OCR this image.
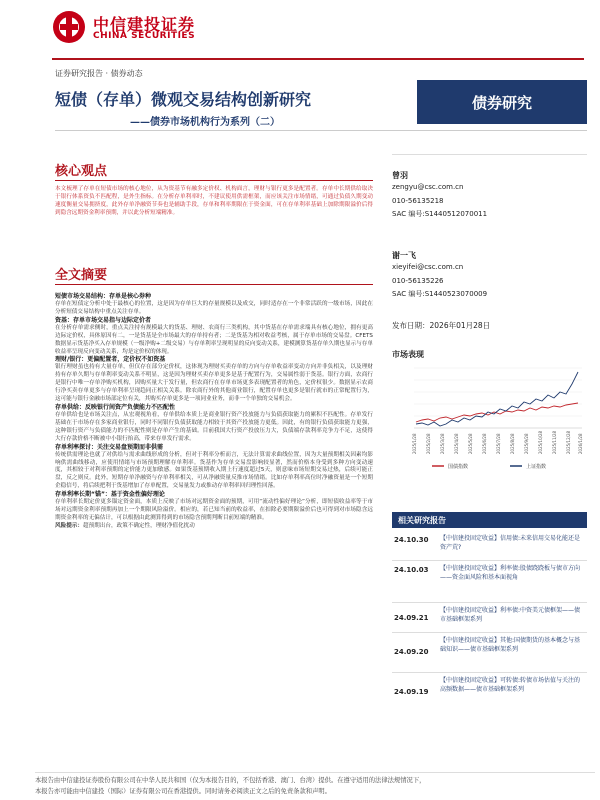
中信建投证券
CHINA SECURITIES
证券研究报告 · 债券动态
短债（存单）微观交易结构创新研究
——债券市场机构行为系列（二）
债券研究
核心观点
本文梳理了存单在短债市场的核心地位，从为资基节有融多定价权、机构面言，理财与银行更多是配置者。存单中长期供给取决于银行体系资负不匹配程，是外生指标。在分析存单利率时，不建议使用供需框架，而应该关注市场情绪，可通过负债久期变动速度衡量交易拥挤度，此外存单净融资节奏也是辅助手段，存单和利率期限在于资金面，可在存单利率基础上加除期限溢价后得到隐含远期资金利率预期，并以此分析短端精准。
全文摘要
短债市场交易结构：存单是核心券种
存单在短债定分析中处于最核心的位置，这是因为存单巨大的存量规模以及成交，同时适存在一个非常活跃的一级市场，因此在分析短债交易结构中重点关注存单。
资基：存单市场交易指与边际定价者
在分析存单需求侧时，重点关注持有规模最大的货基、理财、农商行三类机构，其中货基在存单需求端具有核心地位，拥有更高边际定价权，具体原因有二，一是货基是全市场最大的存单持有者；二是货基为相对收益考核，属于存单市场的交易盘。CFETS数据显示货基净买入存单规模（一级净购+二级交易）与存单利率呈现明显的反向变动关系，建模测算货基存单久期也显示与存单收益率呈现反向变动关系，均是定价权的体现。
理财/银行：更偏配置者，定价权不如资基
银行理财虽也持有大量存单，但仅存在部分定价权，这体现为理财买卖存单的方向与存单收益率变动方向并非负相关，以及理财持有存单久期与存单利率变动关系不明显，这是因为理财买卖存单更多是基于配置行为，交易属性弱于货基。银行方面，农商行是银行中唯一存单净购买机构，因购买量大于发行量，但农商行在存单市场更多表现配置者的角色，定价权很少。数据显示农商行净买卖存单更多与存单利率呈现趋同正相关关系。除农商行外的其他商业银行，配置存单也更多是银行就市的正常配置行为，这可能与银行金融市场部定位有关，其购买存单更多是一项同业业务，而非一个单独的交易机会。
存单供给：反映银行间资产负债能力不匹配性
存单供给也是市场关注点，从宏观视角看，存单供给本质上是商业银行资产投放能力与负债获取能力的累积不匹配性。存单发行基础在于市场存在多家商业银行，同时不同银行负债获取能力相较于其资产投放能力更低。因此，有的银行负债获取能力更强，这种银行资产与负债能力的不匹配性则是存单产生的基础。目前我国大行资产投放压力大，负债端存款利率竞争力不足，这使得大行存款价格不断被中小银行抬高，带来存单发行需求。
存单利率探讨：关注交易盘预期而非供需
传统供需理论也就了对供给与需求曲线形成的分析，但对于利率分析而言，无法计算需求曲线位置，因为大量预期相关因素均影响供需曲线移动，应使用情绪与市场预期理解存单利率。货基作为存单交易盘影响较显著，然而价格本身受到多种方向变动速度，其相较于对利率预期的定价能力更加敏感。如果货基预期收入期上行速度超过5天，则意味市场短期交易过热，后续可能正盘，反之则反。此外，短期存单净融资与存单利率相关，可从净融资量反推市场情绪。比如存单利率高位时净融资量是一个短期企稳信号，将后续把利于货基增加了存单配置，交易量发力或推动存单利率回归理性回落。
存单利率长期“锚”：基于资金性偏好理论
存单利率长期定价更多锚定资金面，本质上反映了市场对远期资金面的预期，可用“流动性偏好理论”分析，即短债收益率等于市场对远期资金利率预期再加上一个期限风险溢价。相应的，若已知当前的收益率，在扣除必要期限溢价后也可得到对市场隐含远期资金利率的无偏估计，可以根据由此测算得到的市场隐含预期判断目前短端的精准。
风险提示：超预期出台，政策不确定性，理财净值化扰动
曾羽
zengyu@csc.com.cn
010-56135218
SAC 编号:S1440512070011
谢一飞
xieyifei@csc.com.cn
010-56135226
SAC 编号:S1440523070009
发布日期：2026年01月28日
市场表现
2025/1/28 2025/2/28 2025/3/28 2025/4/28 2025/5/28 2025/6/28 2025/7/28 2025/8/28 2025/9/28 2025/10/28 2025/11/28 2025/12/28 2026/1/28
国债指数	上证指数
相关研究报告
24.10.30 【中信建投固定收益】信用债:未来信用交易化能还是资产荒?
24.10.03 【中信建投固定收益】利率债:股债跷跷板与债市方向——资金面风险和基本面视角
24.09.21
【中信建投固定收益】利率债:中资美元债框架——债市基础框架系列
24.09.20
【中信建投固定收益】其他:国债期货的基本概念与基础知识——债市基础框架系列
24.09.19
【中信建投固定收益】可转债:转债市场估值与关注的高频数据——债市基础框架系列
本报告由中信建投证券股份有限公司在中华人民共和国（仅为本报告目的，不包括香港、澳门、台湾）提供。在遵守适用的法律法规情况下，
本报告亦可能由中信建投（国际）证券有限公司在香港提供。同时请务必阅读正文之后的免责条款和声明。
